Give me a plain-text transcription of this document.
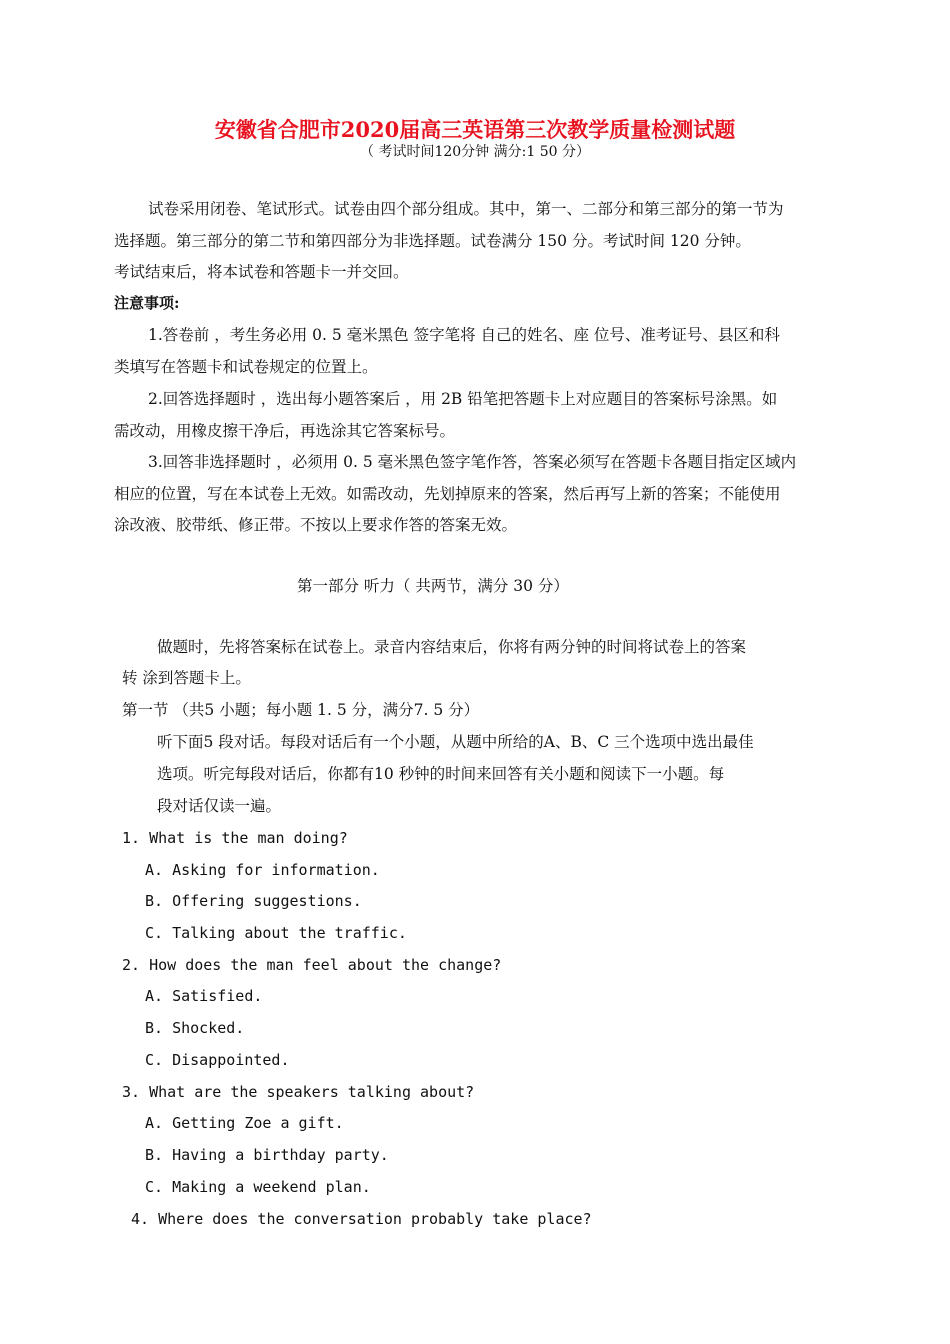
安徽省合肥市2020届高三英语第三次教学质量检测试题
（ 考试时间120分钟 满分:1 50 分）
试卷采用闭卷、笔试形式。试卷由四个部分组成。其中，第一、二部分和第三部分的第一节为
选择题。第三部分的第二节和第四部分为非选择题。试卷满分 150 分。考试时间 120 分钟。
考试结束后，将本试卷和答题卡一并交回。
注意事项:
1.答卷前 ，考生务必用 0. 5 毫米黑色 签字笔将 自己的姓名、座 位号、准考证号、县区和科
类填写在答题卡和试卷规定的位置上。
2.回答选择题时 ，选出每小题答案后 ，用 2B 铅笔把答题卡上对应题目的答案标号涂黑。如
需改动，用橡皮擦干净后，再选涂其它答案标号。
3.回答非选择题时 ，必须用 0. 5 毫米黑色签字笔作答，答案必须写在答题卡各题目指定区域内
相应的位置，写在本试卷上无效。如需改动，先划掉原来的答案，然后再写上新的答案；不能使用
涂改液、胶带纸、修正带。不按以上要求作答的答案无效。
第一部分 听力（ 共两节，满分 30 分）
做题时，先将答案标在试卷上。录音内容结束后，你将有两分钟的时间将试卷上的答案
转 涂到答题卡上。
第一节 （共5 小题；每小题 1. 5 分，满分7. 5 分）
听下面5 段对话。每段对话后有一个小题，从题中所给的A、B、C 三个选项中选出最佳
选项。听完每段对话后，你都有10 秒钟的时间来回答有关小题和阅读下一小题。每
段对话仅读一遍。
1. What is the man doing?
A. Asking for information.
B. Offering suggestions.
C. Talking about the traffic.
2. How does the man feel about the change?
A. Satisfied.
B. Shocked.
C. Disappointed.
3. What are the speakers talking about?
A. Getting Zoe a gift.
B. Having a birthday party.
C. Making a weekend plan.
4. Where does the conversation probably take place?
